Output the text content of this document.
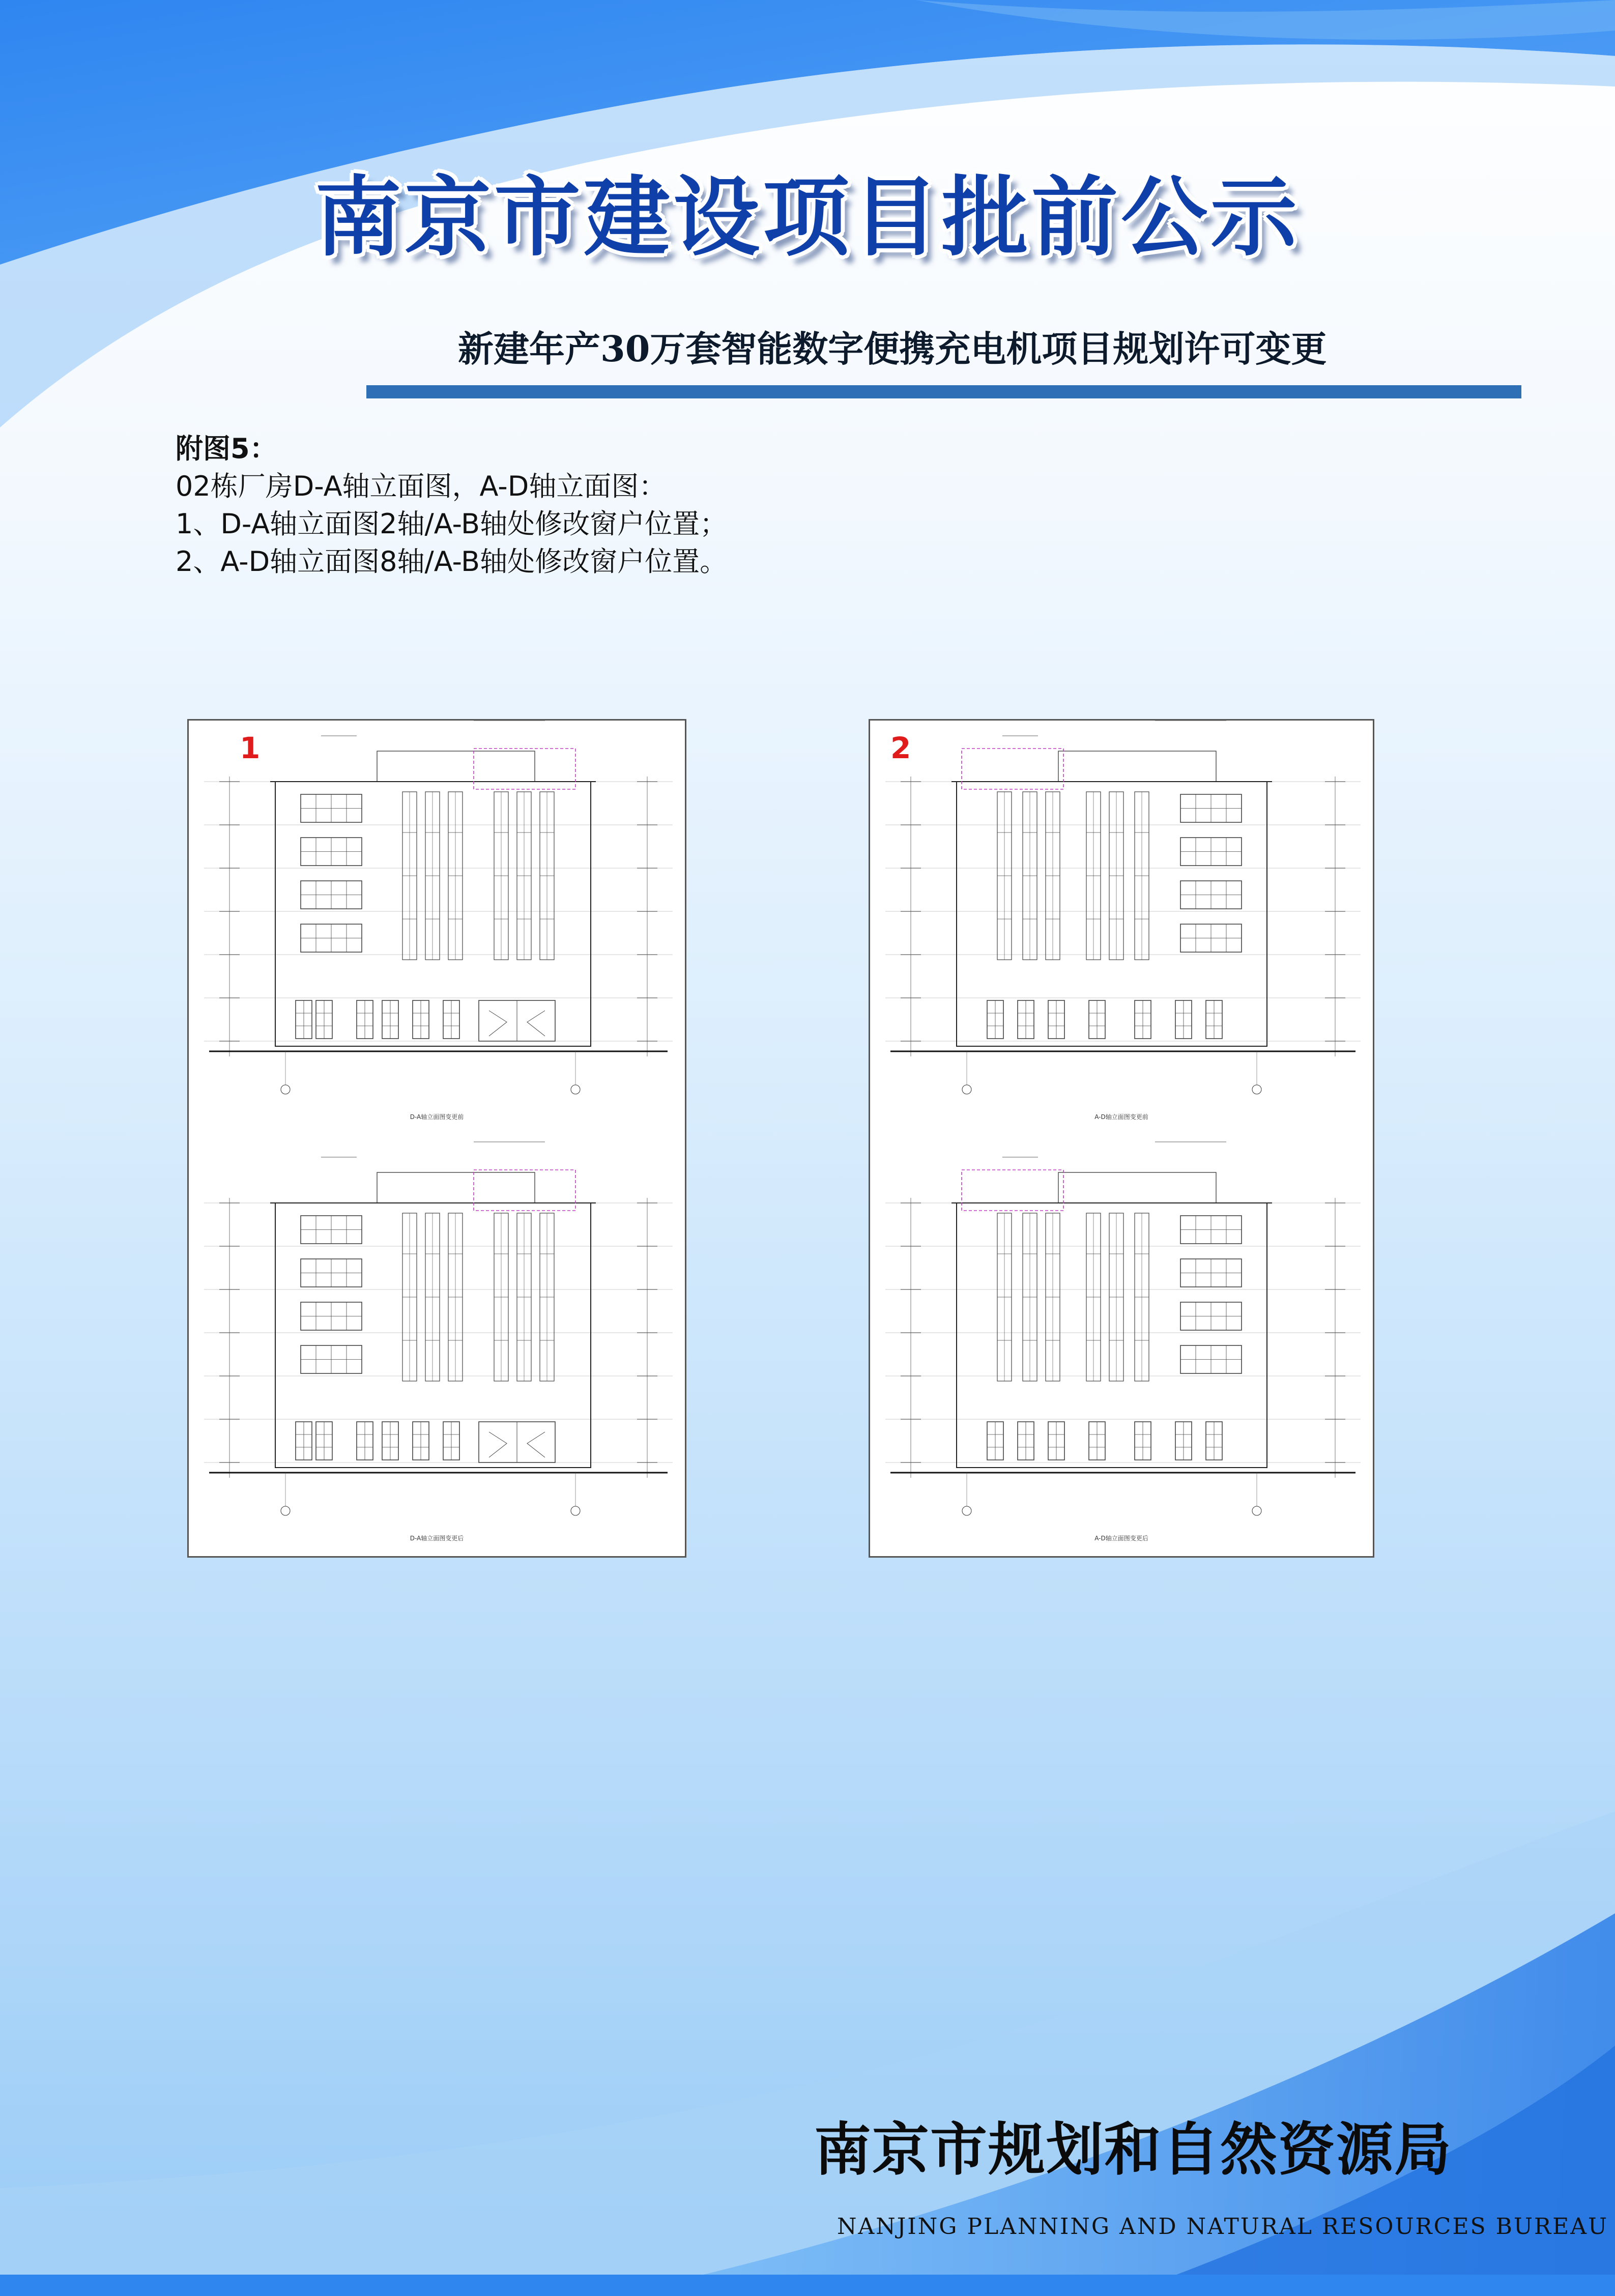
南京市建设项目批前公示
新建年产30万套智能数字便携充电机项目规划许可变更
附图5：
02栋厂房D-A轴立面图，A-D轴立面图：
1、D-A轴立面图2轴/A-B轴处修改窗户位置；
2、A-D轴立面图8轴/A-B轴处修改窗户位置。
1
D-A轴立面图变更前
D-A轴立面图变更后
2
A-D轴立面图变更前
A-D轴立面图变更后
南京市规划和自然资源局
NANJING PLANNING AND NATURAL RESOURCES BUREAU
